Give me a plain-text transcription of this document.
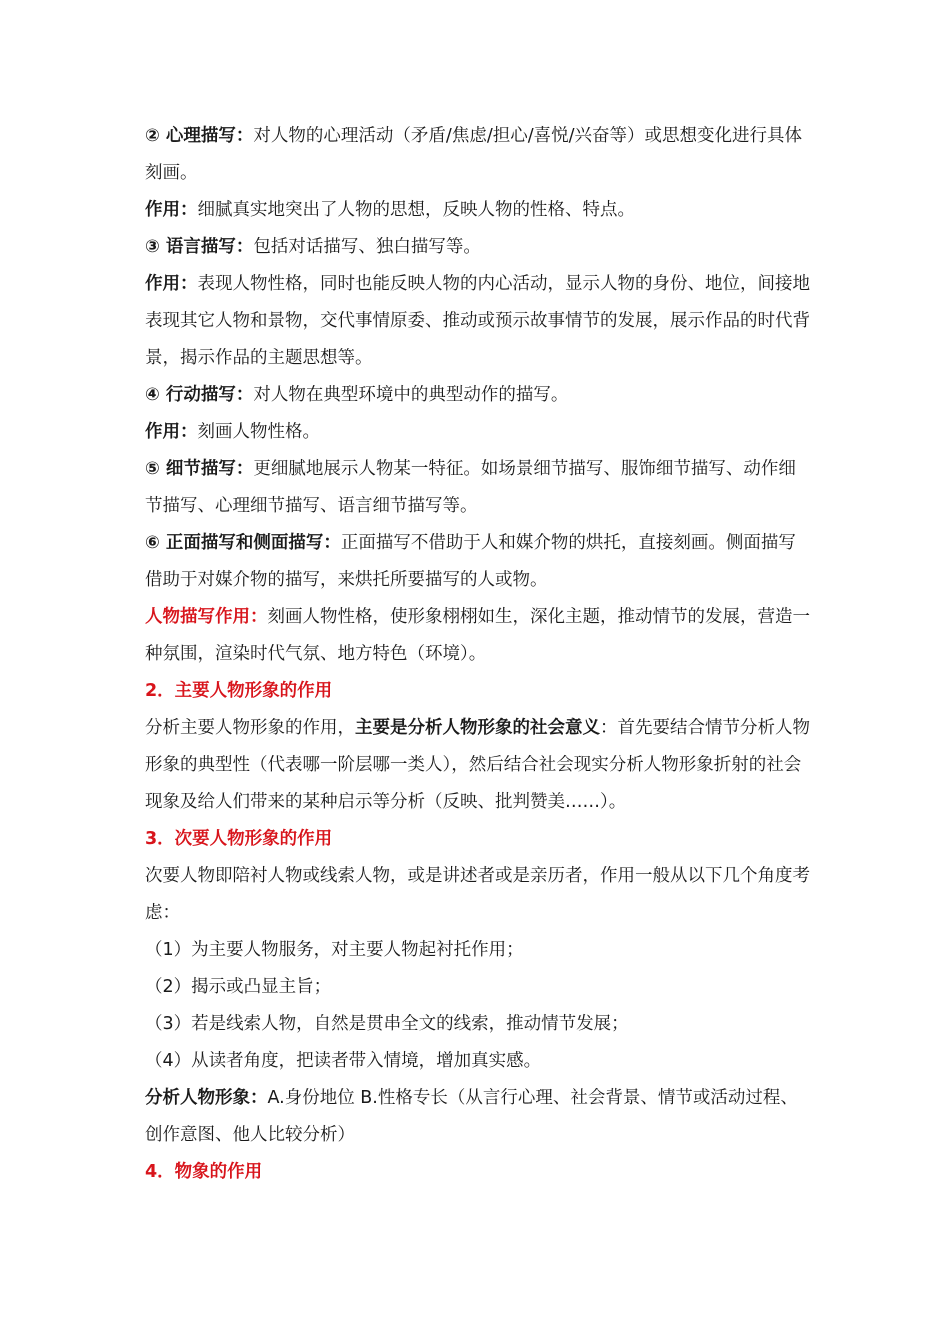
② 心理描写：对人物的心理活动（矛盾/焦虑/担心/喜悦/兴奋等）或思想变化进行具体刻画。

作用：细腻真实地突出了人物的思想，反映人物的性格、特点。

③ 语言描写：包括对话描写、独白描写等。

作用：表现人物性格，同时也能反映人物的内心活动，显示人物的身份、地位，间接地表现其它人物和景物，交代事情原委、推动或预示故事情节的发展，展示作品的时代背景，揭示作品的主题思想等。

④ 行动描写：对人物在典型环境中的典型动作的描写。

作用：刻画人物性格。

⑤ 细节描写：更细腻地展示人物某一特征。如场景细节描写、服饰细节描写、动作细节描写、心理细节描写、语言细节描写等。

⑥ 正面描写和侧面描写：正面描写不借助于人和媒介物的烘托，直接刻画。侧面描写借助于对媒介物的描写，来烘托所要描写的人或物。

人物描写作用：刻画人物性格，使形象栩栩如生，深化主题，推动情节的发展，营造一种氛围，渲染时代气氛、地方特色（环境）。

2．主要人物形象的作用

分析主要人物形象的作用，主要是分析人物形象的社会意义：首先要结合情节分析人物形象的典型性（代表哪一阶层哪一类人），然后结合社会现实分析人物形象折射的社会现象及给人们带来的某种启示等分析（反映、批判赞美……）。

3．次要人物形象的作用

次要人物即陪衬人物或线索人物，或是讲述者或是亲历者，作用一般从以下几个角度考虑：

（1）为主要人物服务，对主要人物起衬托作用；

（2）揭示或凸显主旨；

（3）若是线索人物，自然是贯串全文的线索，推动情节发展；

（4）从读者角度，把读者带入情境，增加真实感。

分析人物形象：A.身份地位 B.性格专长（从言行心理、社会背景、情节或活动过程、创作意图、他人比较分析）

4．物象的作用
